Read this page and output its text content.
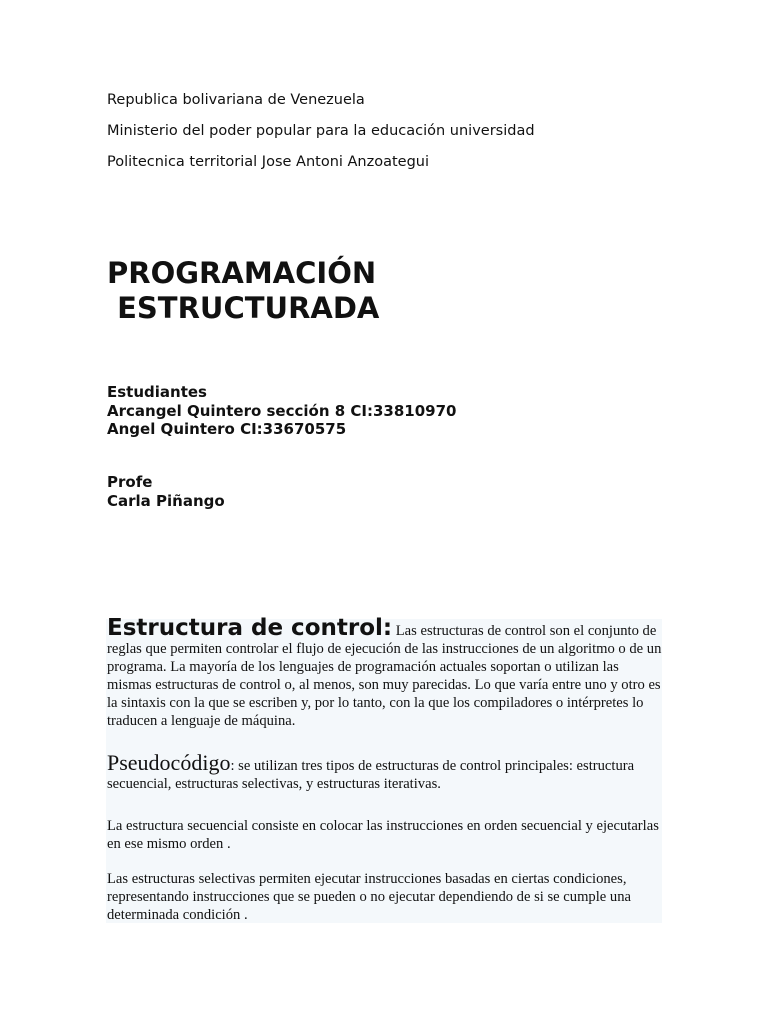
Republica bolivariana de Venezuela
Ministerio del poder popular para la educación universidad
Politecnica territorial Jose Antoni Anzoategui
PROGRAMACIÓN
ESTRUCTURADA
Estudiantes
Arcangel Quintero sección 8 CI:33810970
Angel Quintero CI:33670575
Profe
Carla Piñango

Estructura de control: Las estructuras de control son el conjunto de reglas que permiten controlar el flujo de ejecución de las instrucciones de un algoritmo o de un programa. La mayoría de los lenguajes de programación actuales soportan o utilizan las mismas estructuras de control o, al menos, son muy parecidas. Lo que varía entre uno y otro es la sintaxis con la que se escriben y, por lo tanto, con la que los compiladores o intérpretes lo traducen a lenguaje de máquina.

Pseudocódigo: se utilizan tres tipos de estructuras de control principales: estructura secuencial, estructuras selectivas, y estructuras iterativas.

La estructura secuencial consiste en colocar las instrucciones en orden secuencial y ejecutarlas en ese mismo orden .

Las estructuras selectivas permiten ejecutar instrucciones basadas en ciertas condiciones, representando instrucciones que se pueden o no ejecutar dependiendo de si se cumple una determinada condición .
